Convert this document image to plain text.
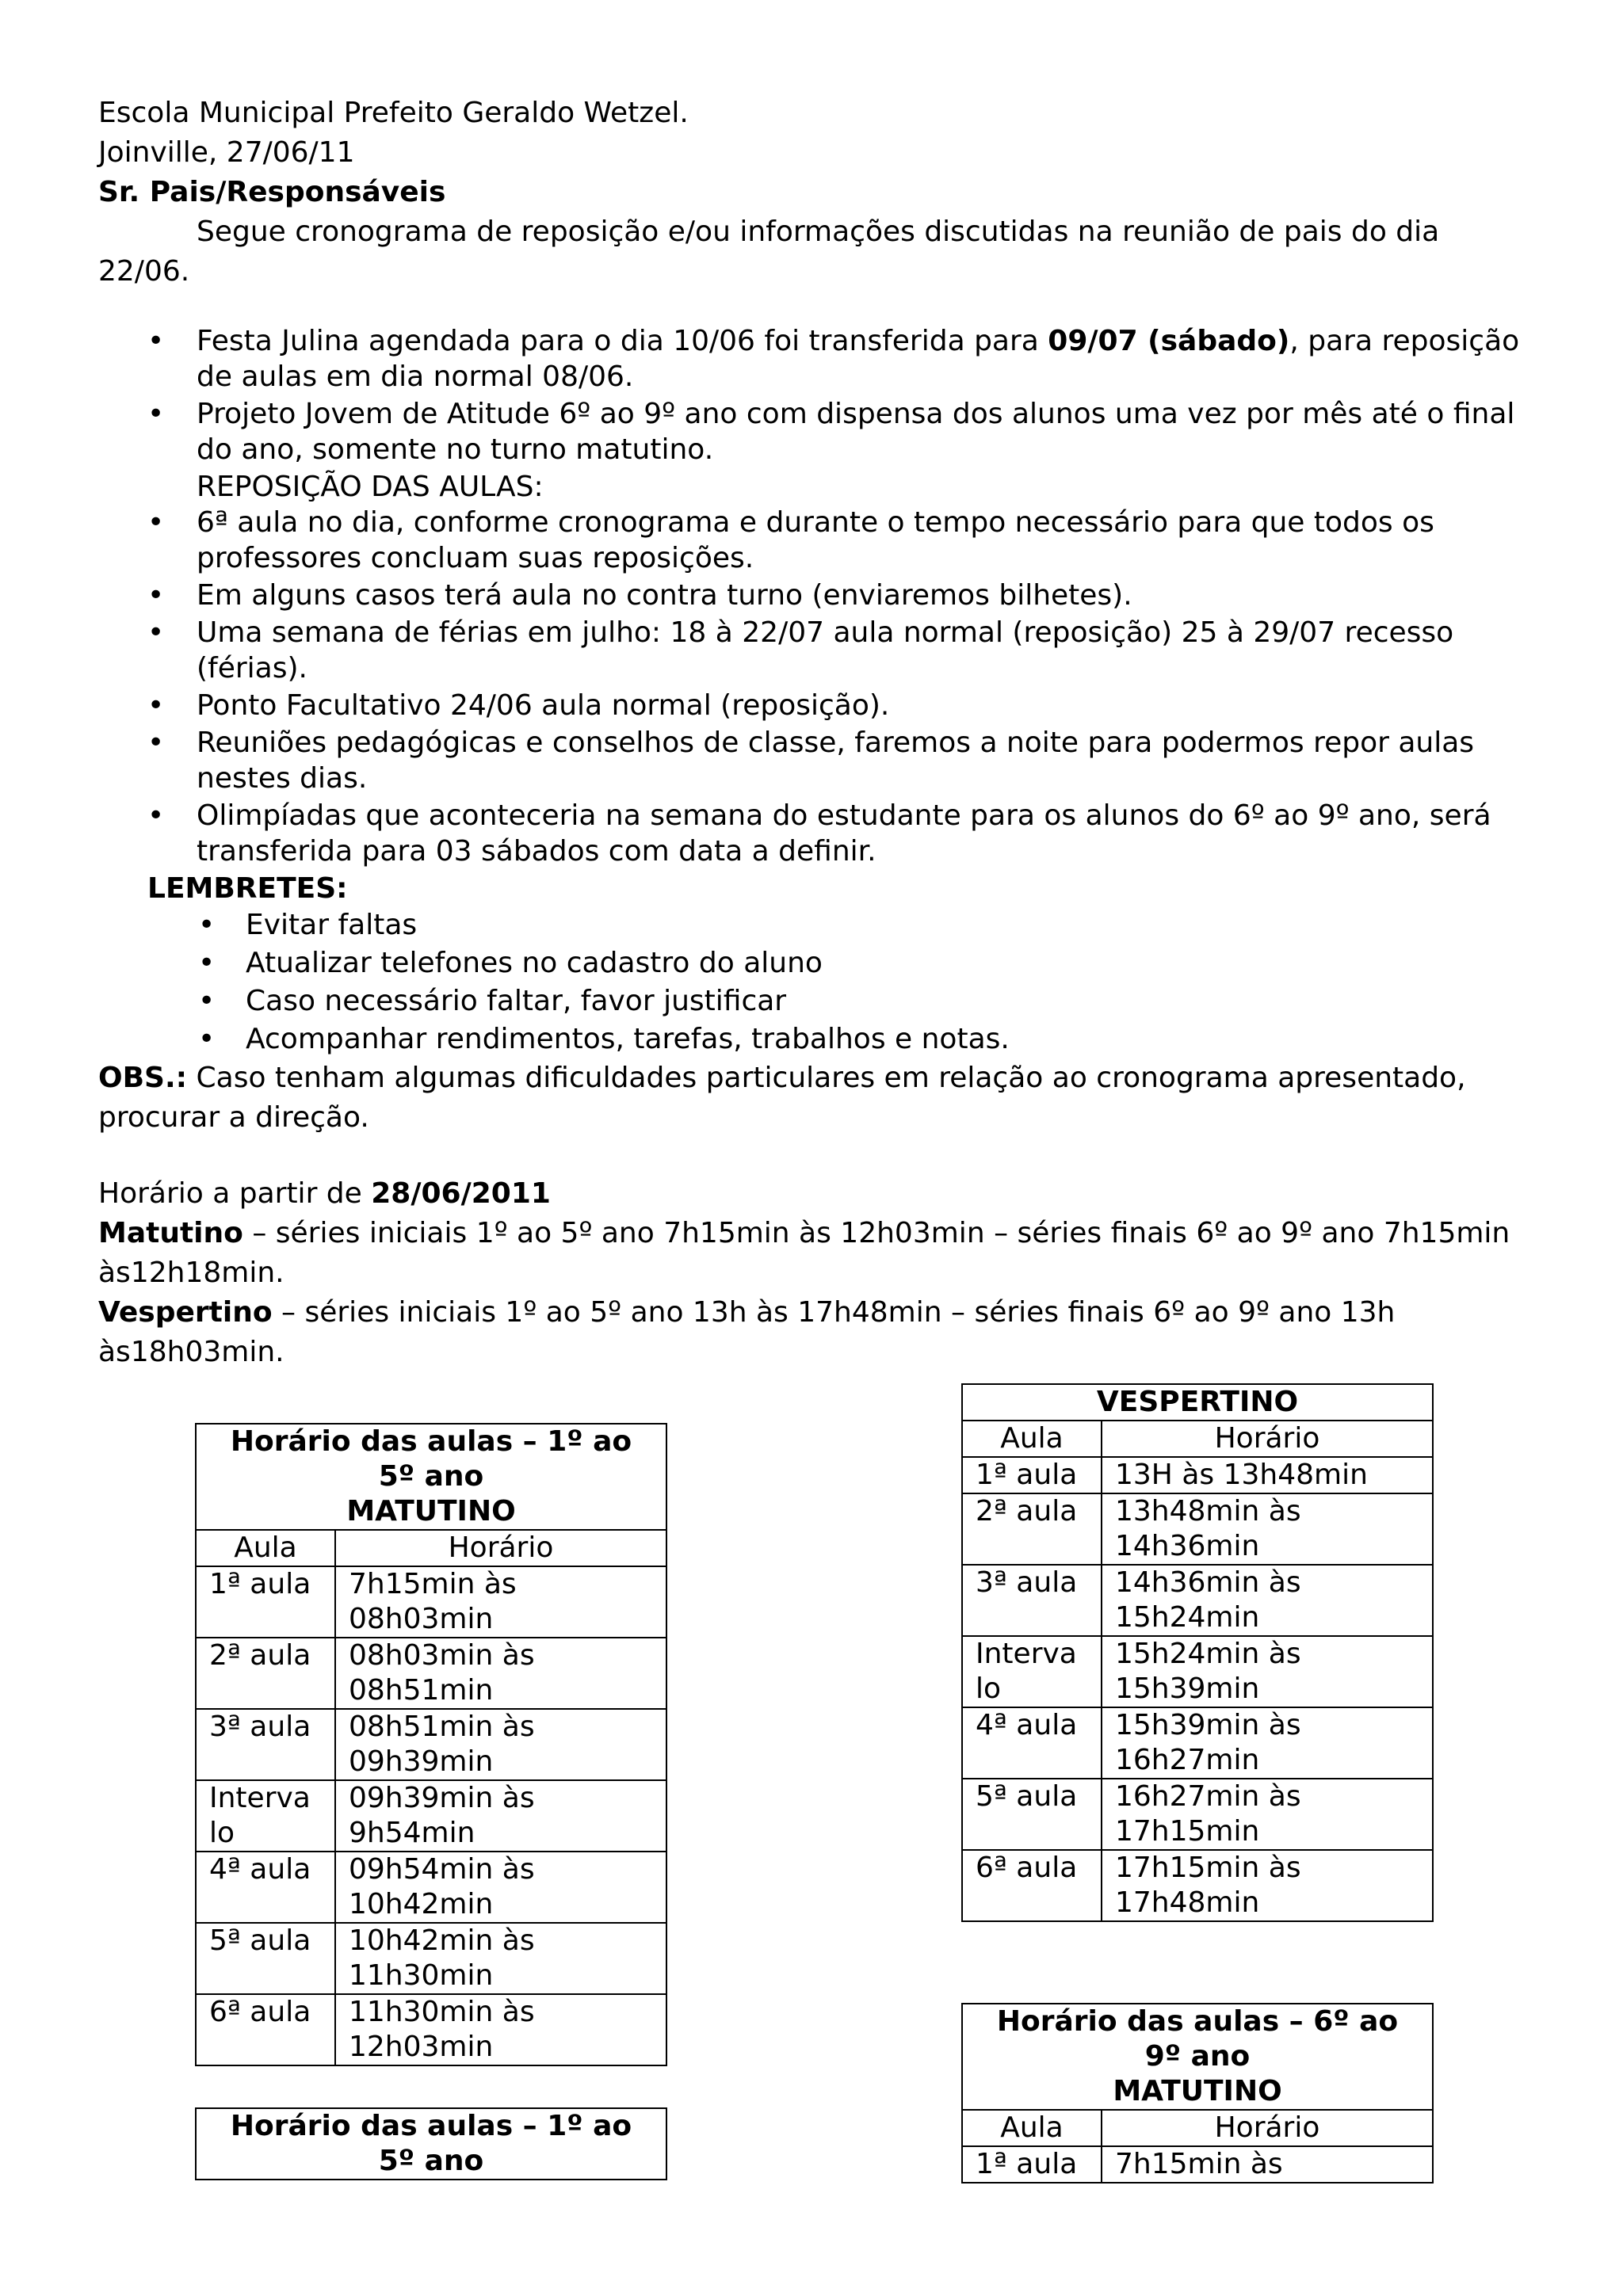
Escola Municipal Prefeito Geraldo Wetzel.

Joinville, 27/06/11

Sr. Pais/Responsáveis

Segue cronograma de reposição e/ou informações discutidas na reunião de pais do dia

22/06.

• Festa Julina agendada para o dia 10/06 foi transferida para 09/07 (sábado), para reposição de aulas em dia normal 08/06.
• Projeto Jovem de Atitude 6º ao 9º ano com dispensa dos alunos uma vez por mês até o final do ano, somente no turno matutino.
REPOSIÇÃO DAS AULAS:
• 6ª aula no dia, conforme cronograma e durante o tempo necessário para que todos os professores concluam suas reposições.
• Em alguns casos terá aula no contra turno (enviaremos bilhetes).
• Uma semana de férias em julho: 18 à 22/07 aula normal (reposição) 25 à 29/07 recesso (férias).
• Ponto Facultativo 24/06 aula normal (reposição).
• Reuniões pedagógicas e conselhos de classe, faremos a noite para podermos repor aulas nestes dias.
• Olimpíadas que aconteceria na semana do estudante para os alunos do 6º ao 9º ano, será transferida para 03 sábados com data a definir.
LEMBRETES:
• Evitar faltas
• Atualizar telefones no cadastro do aluno
• Caso necessário faltar, favor justificar
• Acompanhar rendimentos, tarefas, trabalhos e notas.

OBS.: Caso tenham algumas dificuldades particulares em relação ao cronograma apresentado, procurar a direção.

Horário a partir de 28/06/2011

Matutino – séries iniciais 1º ao 5º ano 7h15min às 12h03min – séries finais 6º ao 9º ano 7h15min às12h18min.

Vespertino – séries iniciais 1º ao 5º ano 13h às 17h48min – séries finais 6º ao 9º ano 13h às18h03min.

Horário das aulas – 1º ao
5º ano
MATUTINO	

Aula	Horário
1ª aula	7h15min às 08h03min
2ª aula	08h03min às 08h51min
3ª aula	08h51min às 09h39min
Interva lo	09h39min às 9h54min
4ª aula	09h54min às 10h42min
5ª aula	10h42min às 11h30min
6ª aula	11h30min às 12h03min
VESPERTINO	
Aula	Horário
1ª aula	13H às 13h48min
2ª aula	13h48min às 14h36min
3ª aula	14h36min às 15h24min
Interva lo	15h24min às 15h39min
4ª aula	15h39min às 16h27min
5ª aula	16h27min às 17h15min
6ª aula	17h15min às 17h48min
Horário das aulas – 6º ao
9º ano
MATUTINO	

Aula	Horário
1ª aula	7h15min às
Horário das aulas – 1º ao
5º ano
